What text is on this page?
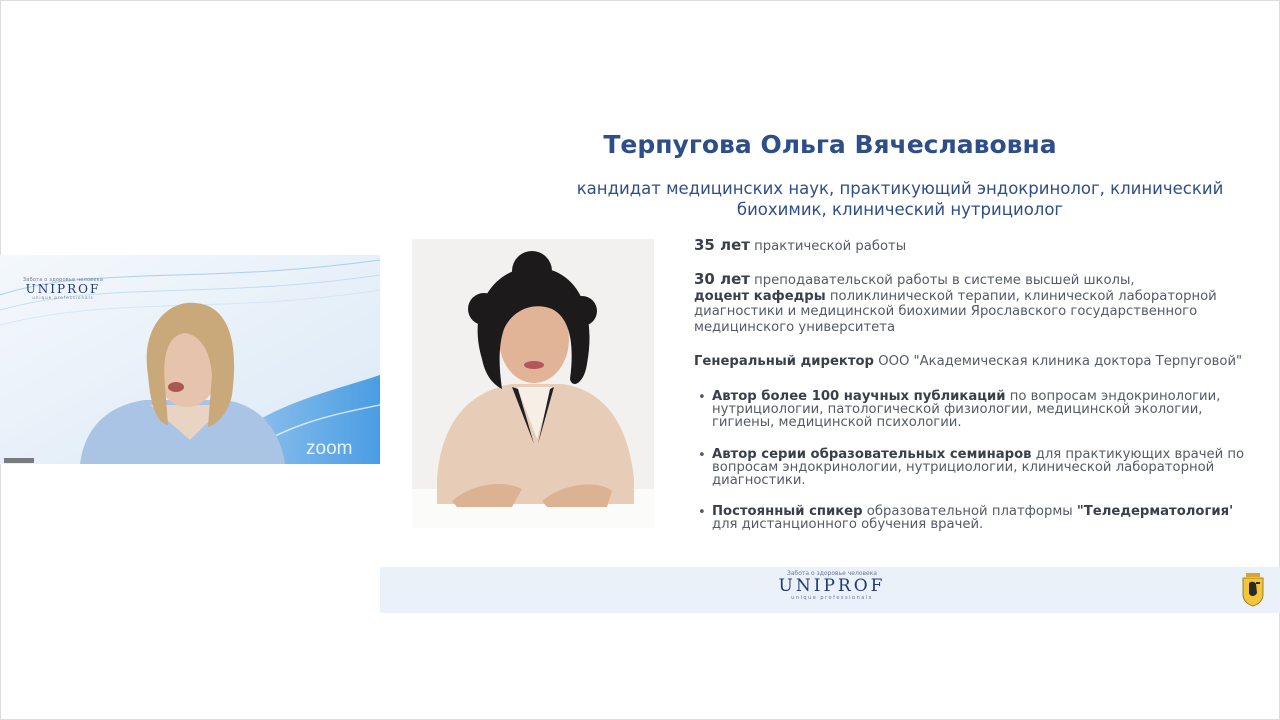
Забота о здоровье человека
UNIPROF
unique professionals
zoom
Терпугова Ольга Вячеславовна
кандидат медицинских наук, практикующий эндокринолог, клинический биохимик, клинический нутрициолог

35 лет практической работы

30 лет преподавательской работы в системе высшей школы,
доцент кафедры поликлинической терапии, клинической лабораторной диагностики и медицинской биохимии Ярославского государственного медицинского университета

Генеральный директор ООО "Академическая клиника доктора Терпуговой"

• Автор более 100 научных публикаций по вопросам эндокринологии, нутрициологии, патологической физиологии, медицинской экологии, гигиены, медицинской психологии.
• Автор серии образовательных семинаров для практикующих врачей по вопросам эндокринологии, нутрициологии, клинической лабораторной диагностики.
• Постоянный спикер образовательной платформы "Теледерматология' для дистанционного обучения врачей.
Забота о здоровье человека
UNIPROF
unique professionals
